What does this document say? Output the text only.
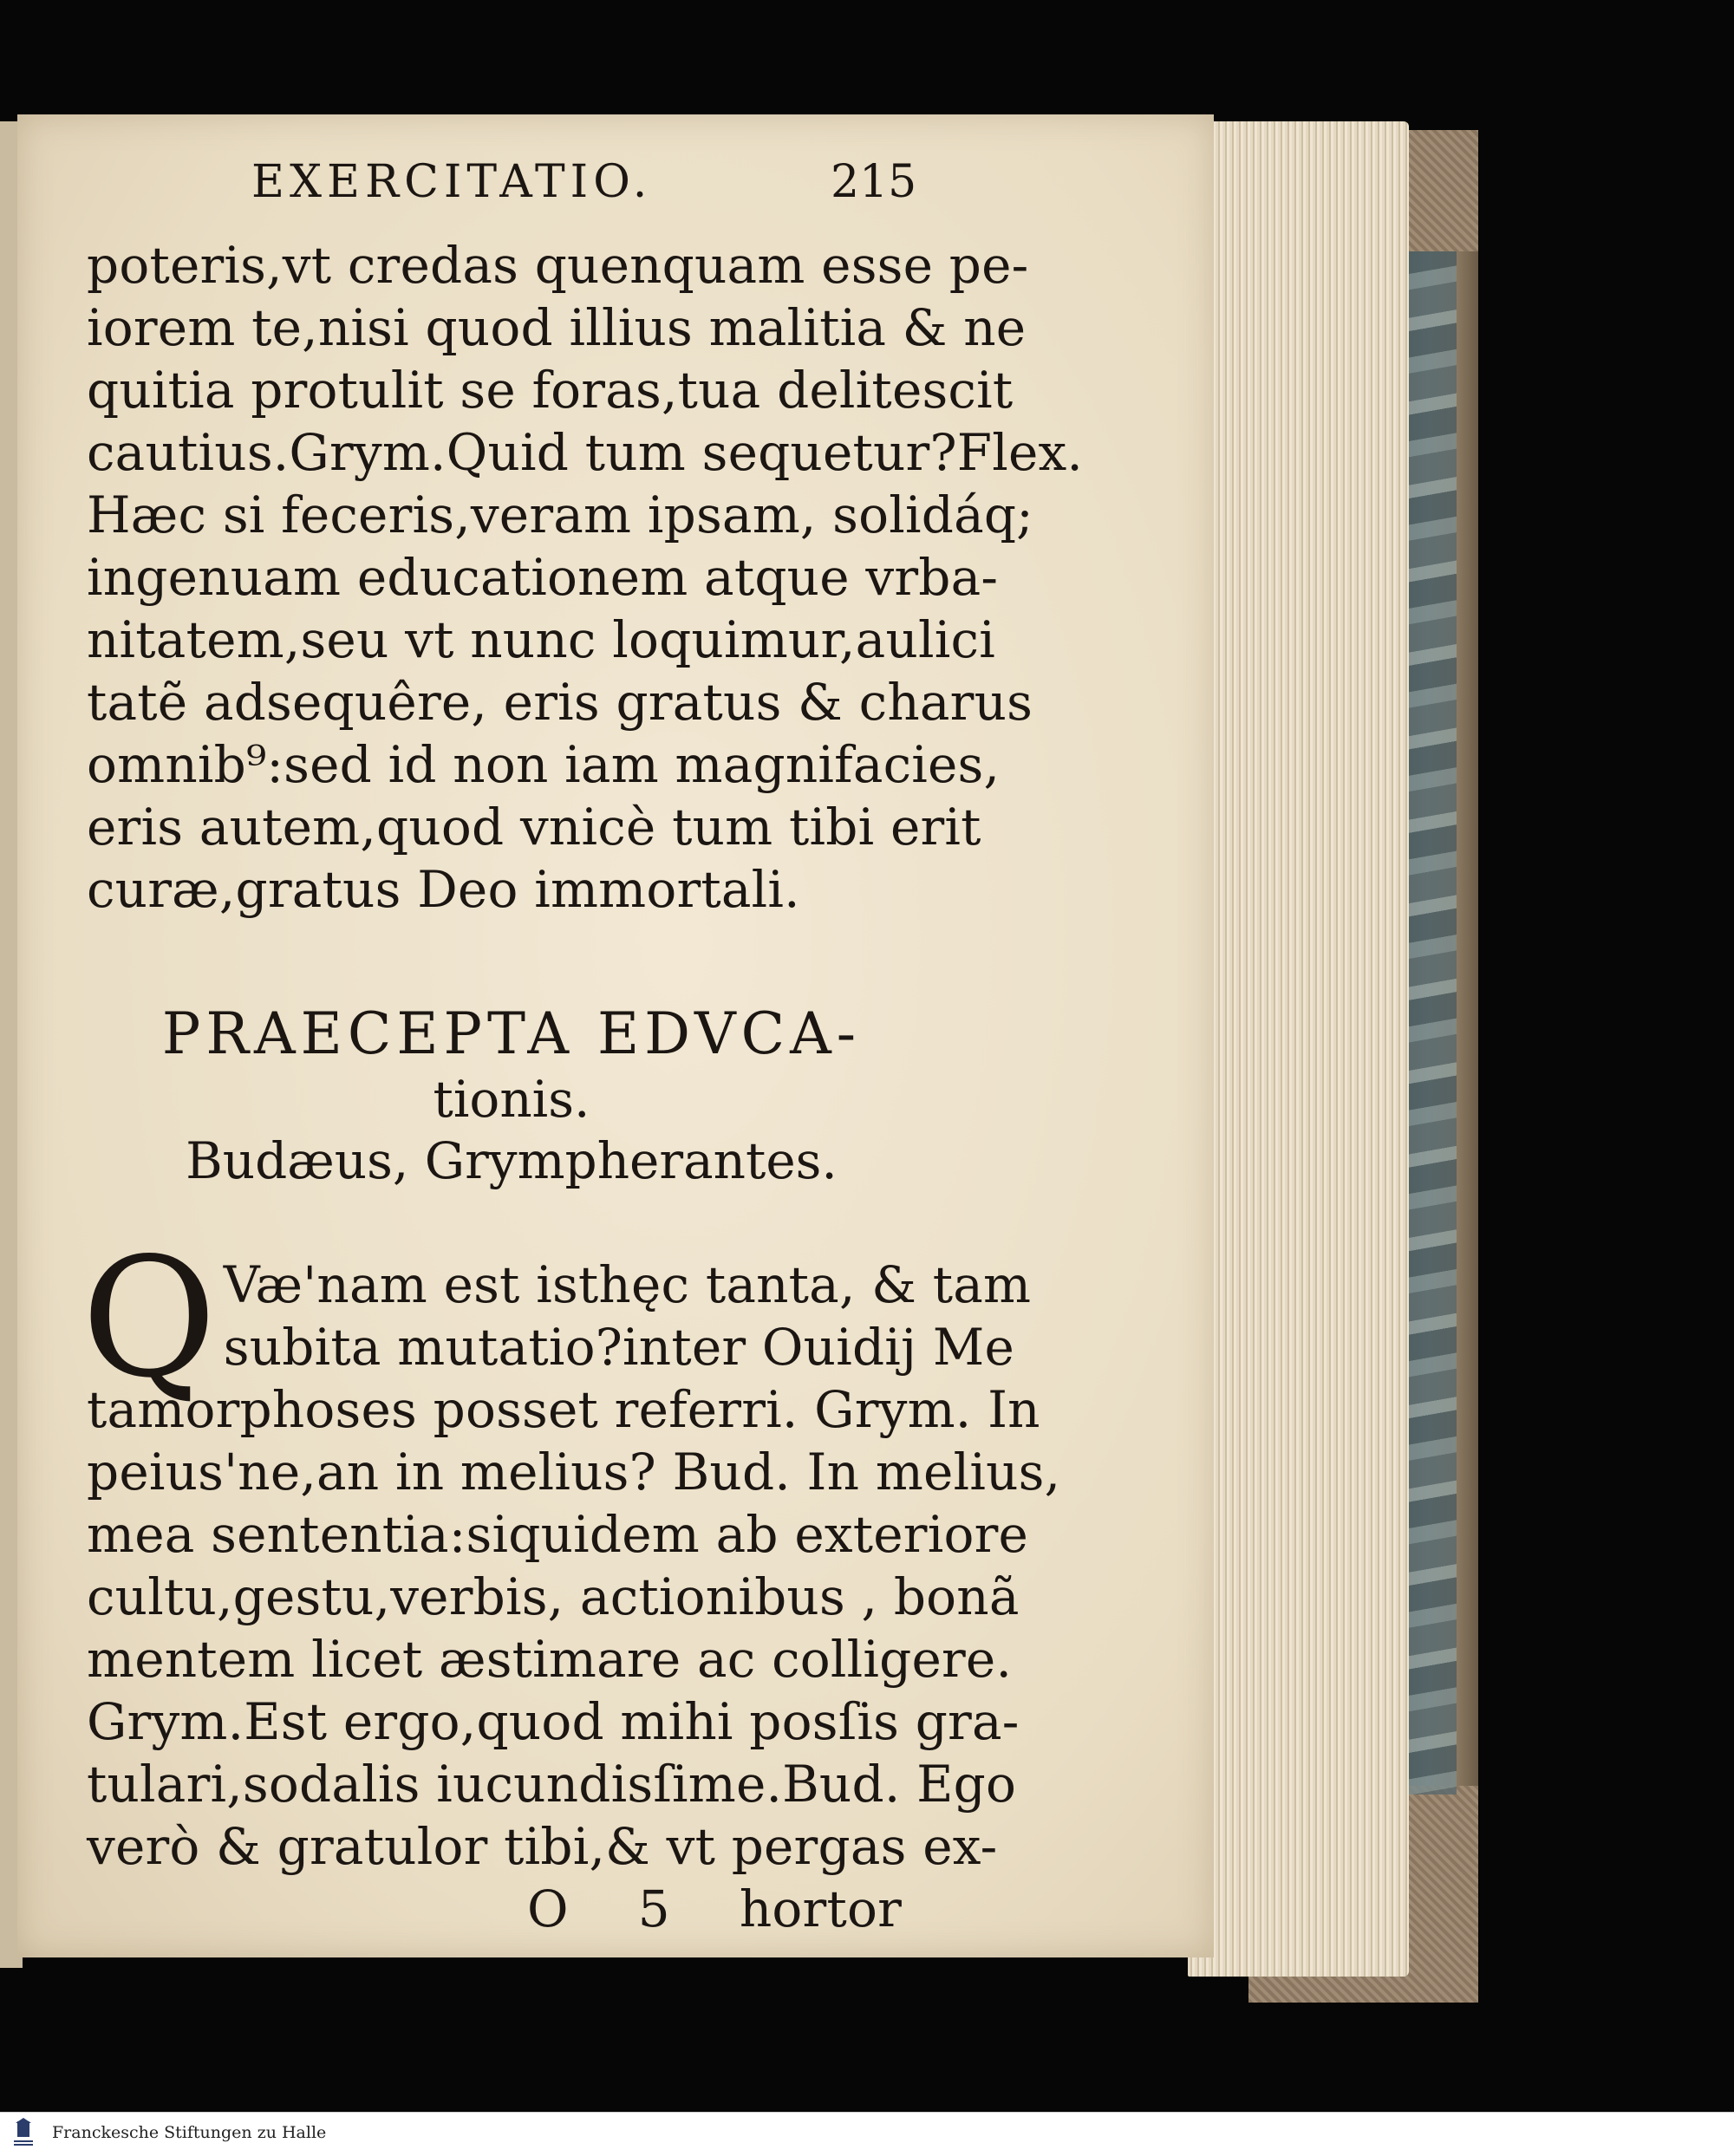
EXERCITATIO.	215
poteris,vt credas quenquam esse pe-
iorem te,nisi quod illius malitia & ne
quitia protulit se foras,tua delitescit
cautius.Grym.Quid tum sequetur?Flex.
Hæc si feceris,veram ipsam, solidáq;
ingenuam educationem atque vrba-
nitatem,seu vt nunc loquimur,aulici
tatẽ adsequêre, eris gratus & charus
omnib⁹:sed id non iam magnifacies,
eris autem,quod vnicè tum tibi erit
curæ,gratus Deo immortali.
PRAECEPTA EDVCA-
tionis.
Budæus, Grympherantes.
Q Væ'nam est isthęc tanta, & tam
subita mutatio?inter Ouidij Me
tamorphoses posset referri. Grym. In
peius'ne,an in melius? Bud. In melius,
mea sententia:siquidem ab exteriore
cultu,gestu,verbis, actionibus , bonã
mentem licet æstimare ac colligere.
Grym.Est ergo,quod mihi posſis gra-
tulari,sodalis iucundisſime.Bud. Ego
verò & gratulor tibi,& vt pergas ex-
O 5 hortor
Franckesche Stiftungen zu Halle
